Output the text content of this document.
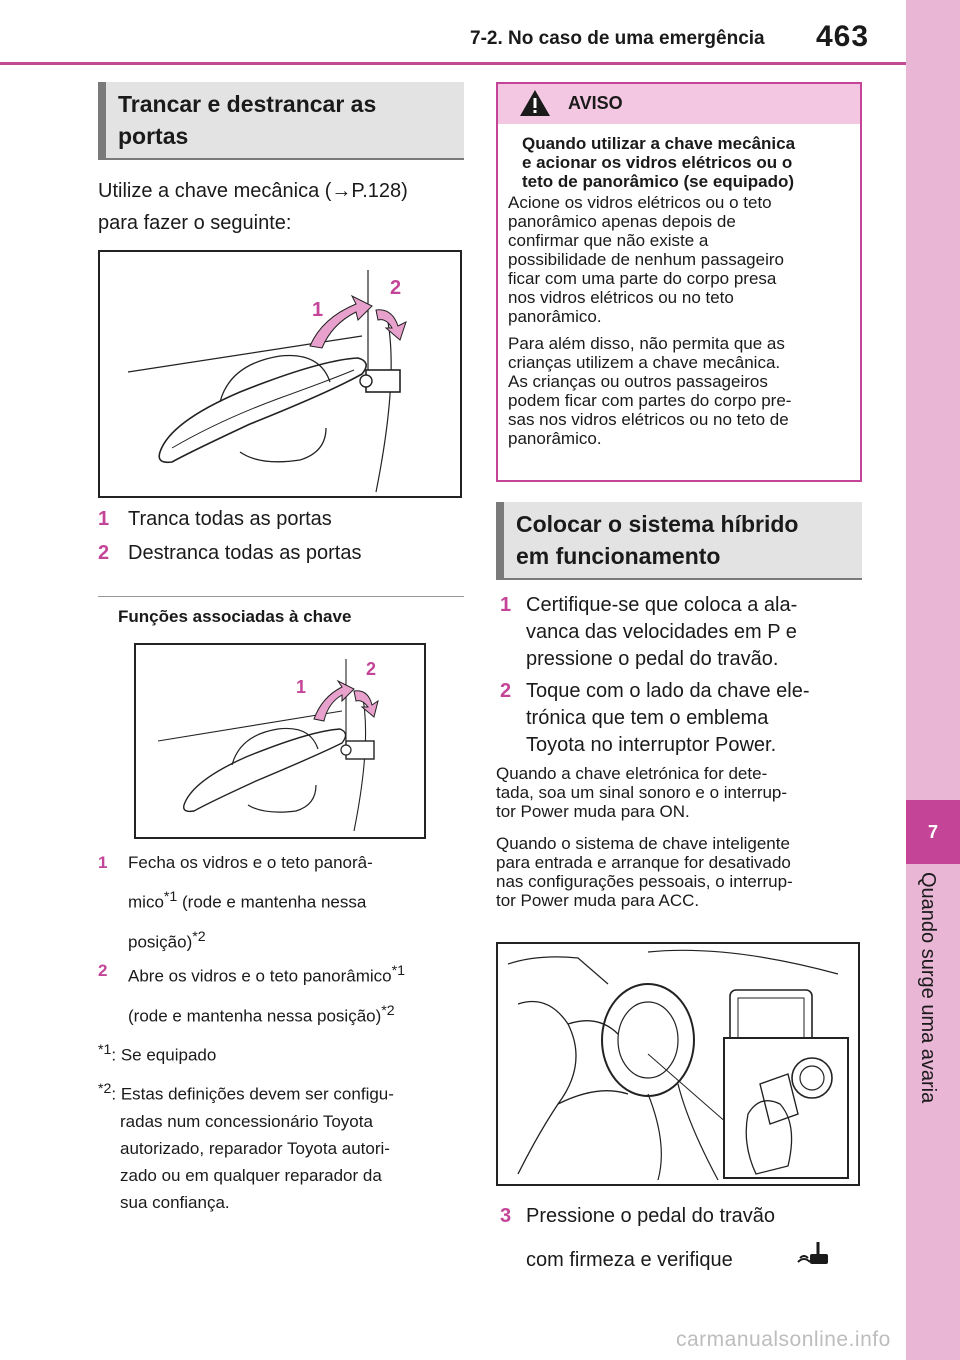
7-2. No caso de uma emergência 463
7
Quando surge uma avaria
Trancar e destrancar as portas

Utilize a chave mecânica (→P.128)

para fazer o seguinte:

1
2
1 Tranca todas as portas
2 Destranca todas as portas

Funções associadas à chave

1
2
1 Fecha os vidros e o teto panorâ-
mico$^{*1}$ (rode e mantenha nessa
posição)$^{*2}$
2 Abre os vidros e o teto panorâmico$^{*1}$
(rode e mantenha nessa posição)$^{*2}$
$^{*1}$: Se equipado
$^{*2}$: Estas definições devem ser configu-
radas num concessionário Toyota
autorizado, reparador Toyota autori-
zado ou em qualquer reparador da
sua confiança.
AVISO
Quando utilizar a chave mecânica
e acionar os vidros elétricos ou o
teto de panorâmico (se equipado)

Acione os vidros elétricos ou o teto
panorâmico apenas depois de
confirmar que não existe a
possibilidade de nenhum passageiro
ficar com uma parte do corpo presa
nos vidros elétricos ou no teto
panorâmico.

Para além disso, não permita que as
crianças utilizem a chave mecânica.
As crianças ou outros passageiros
podem ficar com partes do corpo pre-
sas nos vidros elétricos ou no teto de
panorâmico.

Colocar o sistema híbrido
em funcionamento
1 Certifique-se que coloca a ala-
vanca das velocidades em P e
pressione o pedal do travão.
2 Toque com o lado da chave ele-
trónica que tem o emblema
Toyota no interruptor Power.
Quando a chave eletrónica for dete-
tada, soa um sinal sonoro e o interrup-
tor Power muda para ON.
Quando o sistema de chave inteligente
para entrada e arranque for desativado
nas configurações pessoais, o interrup-
tor Power muda para ACC.
3 Pressione o pedal do travão
com firmeza e verifique
carmanualsonline.info
